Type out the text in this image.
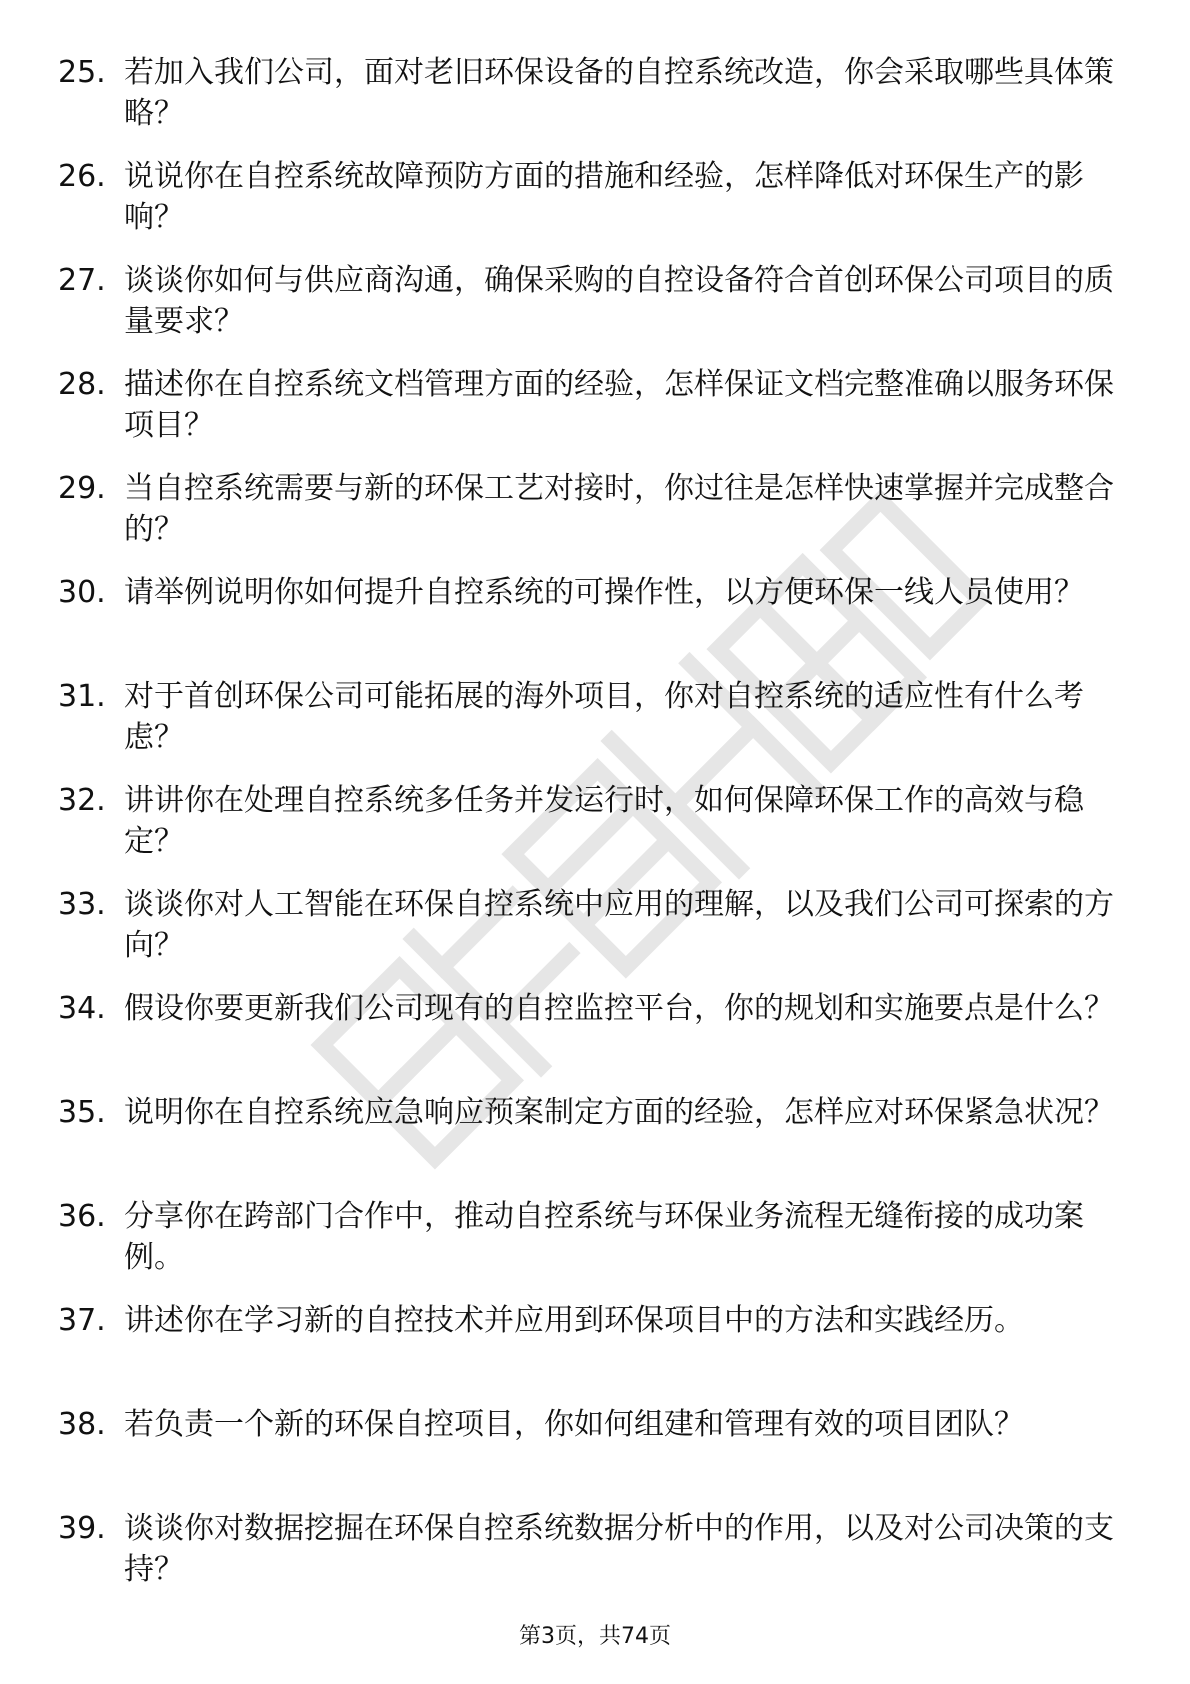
25. 若加入我们公司，面对老旧环保设备的自控系统改造，你会采取哪些具体策略？
26. 说说你在自控系统故障预防方面的措施和经验，怎样降低对环保生产的影响？
27. 谈谈你如何与供应商沟通，确保采购的自控设备符合首创环保公司项目的质量要求？
28. 描述你在自控系统文档管理方面的经验，怎样保证文档完整准确以服务环保项目？
29. 当自控系统需要与新的环保工艺对接时，你过往是怎样快速掌握并完成整合的？
30. 请举例说明你如何提升自控系统的可操作性，以方便环保一线人员使用？
31. 对于首创环保公司可能拓展的海外项目，你对自控系统的适应性有什么考虑？
32. 讲讲你在处理自控系统多任务并发运行时，如何保障环保工作的高效与稳定？
33. 谈谈你对人工智能在环保自控系统中应用的理解，以及我们公司可探索的方向？
34. 假设你要更新我们公司现有的自控监控平台，你的规划和实施要点是什么？
35. 说明你在自控系统应急响应预案制定方面的经验，怎样应对环保紧急状况？
36. 分享你在跨部门合作中，推动自控系统与环保业务流程无缝衔接的成功案例。
37. 讲述你在学习新的自控技术并应用到环保项目中的方法和实践经历。
38. 若负责一个新的环保自控项目，你如何组建和管理有效的项目团队？
39. 谈谈你对数据挖掘在环保自控系统数据分析中的作用，以及对公司决策的支持？
第3页，共74页
